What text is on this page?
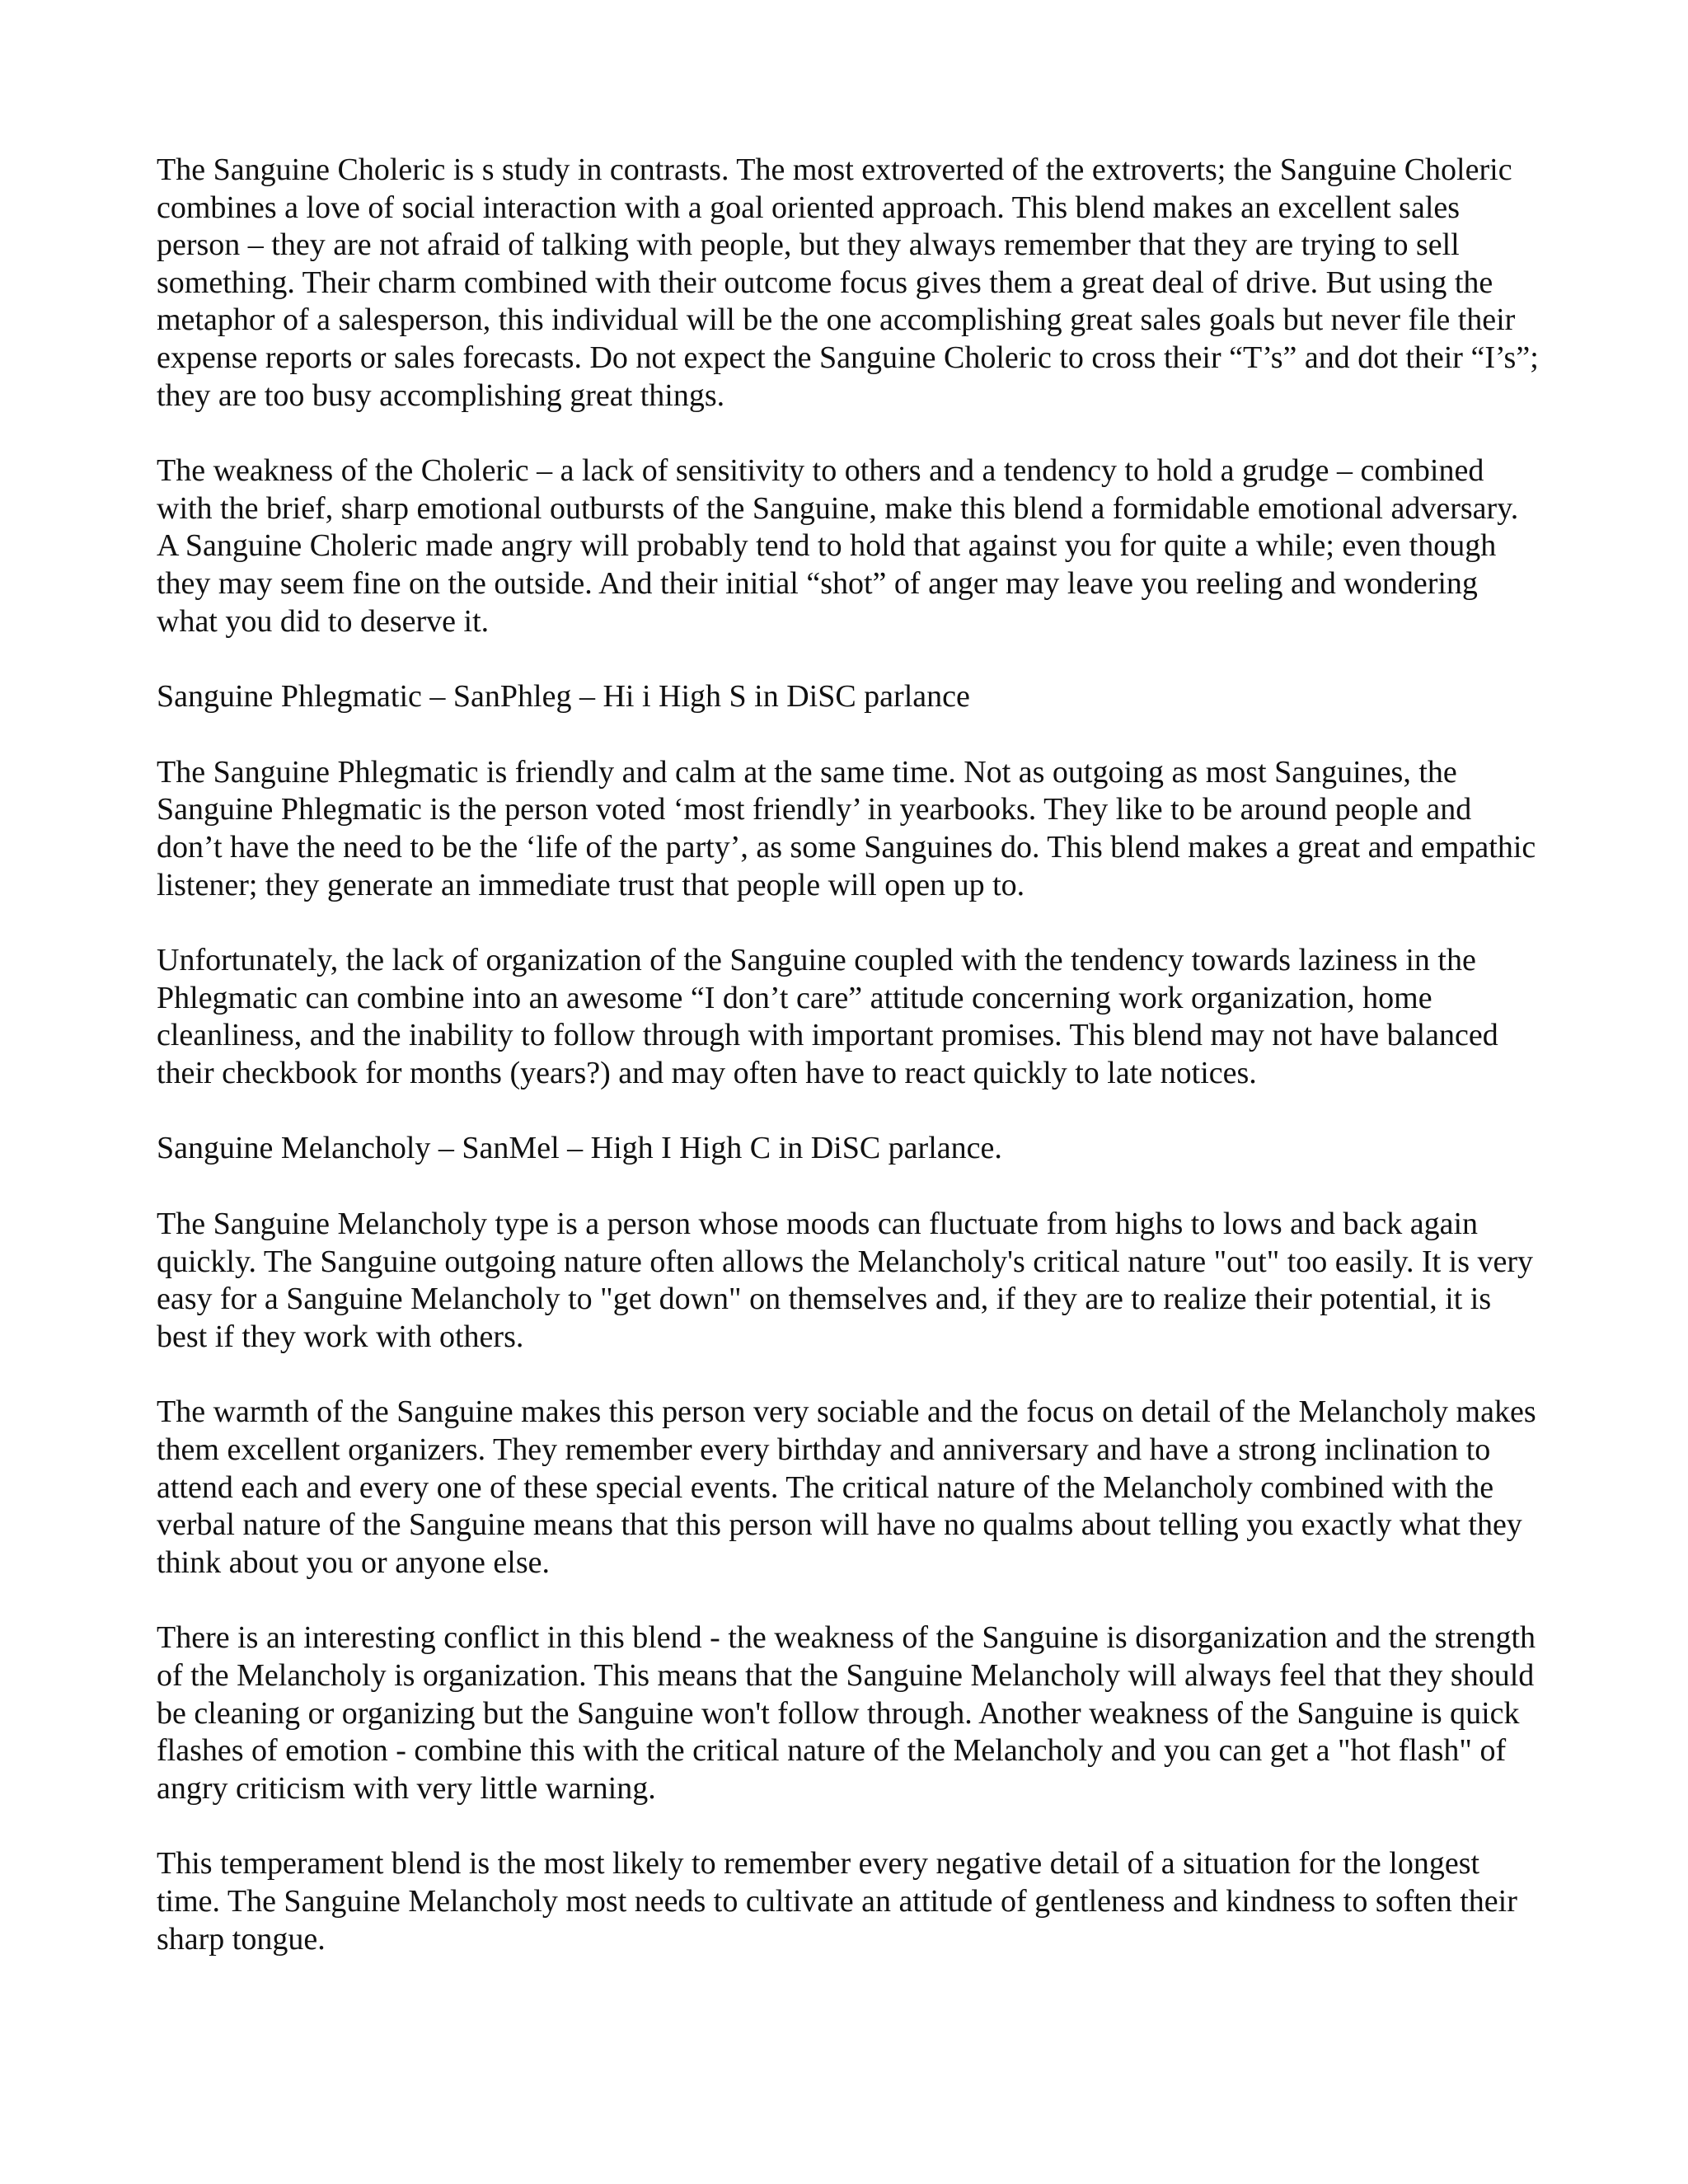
The Sanguine Choleric is s study in contrasts. The most extroverted of the extroverts; the Sanguine Choleric combines a love of social interaction with a goal oriented approach. This blend makes an excellent sales person – they are not afraid of talking with people, but they always remember that they are trying to sell something. Their charm combined with their outcome focus gives them a great deal of drive. But using the metaphor of a salesperson, this individual will be the one accomplishing great sales goals but never file their expense reports or sales forecasts. Do not expect the Sanguine Choleric to cross their “T’s” and dot their “I’s”; they are too busy accomplishing great things.

The weakness of the Choleric – a lack of sensitivity to others and a tendency to hold a grudge – combined with the brief, sharp emotional outbursts of the Sanguine, make this blend a formidable emotional adversary. A Sanguine Choleric made angry will probably tend to hold that against you for quite a while; even though they may seem fine on the outside. And their initial “shot” of anger may leave you reeling and wondering what you did to deserve it.

Sanguine Phlegmatic – SanPhleg – Hi i High S in DiSC parlance

The Sanguine Phlegmatic is friendly and calm at the same time. Not as outgoing as most Sanguines, the Sanguine Phlegmatic is the person voted ‘most friendly’ in yearbooks. They like to be around people and don’t have the need to be the ‘life of the party’, as some Sanguines do. This blend makes a great and empathic listener; they generate an immediate trust that people will open up to.

Unfortunately, the lack of organization of the Sanguine coupled with the tendency towards laziness in the Phlegmatic can combine into an awesome “I don’t care” attitude concerning work organization, home cleanliness, and the inability to follow through with important promises. This blend may not have balanced their checkbook for months (years?) and may often have to react quickly to late notices.

Sanguine Melancholy – SanMel – High I High C in DiSC parlance.

The Sanguine Melancholy type is a person whose moods can fluctuate from highs to lows and back again quickly. The Sanguine outgoing nature often allows the Melancholy's critical nature "out" too easily. It is very easy for a Sanguine Melancholy to "get down" on themselves and, if they are to realize their potential, it is best if they work with others.

The warmth of the Sanguine makes this person very sociable and the focus on detail of the Melancholy makes them excellent organizers. They remember every birthday and anniversary and have a strong inclination to attend each and every one of these special events. The critical nature of the Melancholy combined with the verbal nature of the Sanguine means that this person will have no qualms about telling you exactly what they think about you or anyone else.

There is an interesting conflict in this blend - the weakness of the Sanguine is disorganization and the strength of the Melancholy is organization. This means that the Sanguine Melancholy will always feel that they should be cleaning or organizing but the Sanguine won't follow through. Another weakness of the Sanguine is quick flashes of emotion - combine this with the critical nature of the Melancholy and you can get a "hot flash" of angry criticism with very little warning.

This temperament blend is the most likely to remember every negative detail of a situation for the longest time. The Sanguine Melancholy most needs to cultivate an attitude of gentleness and kindness to soften their sharp tongue.
